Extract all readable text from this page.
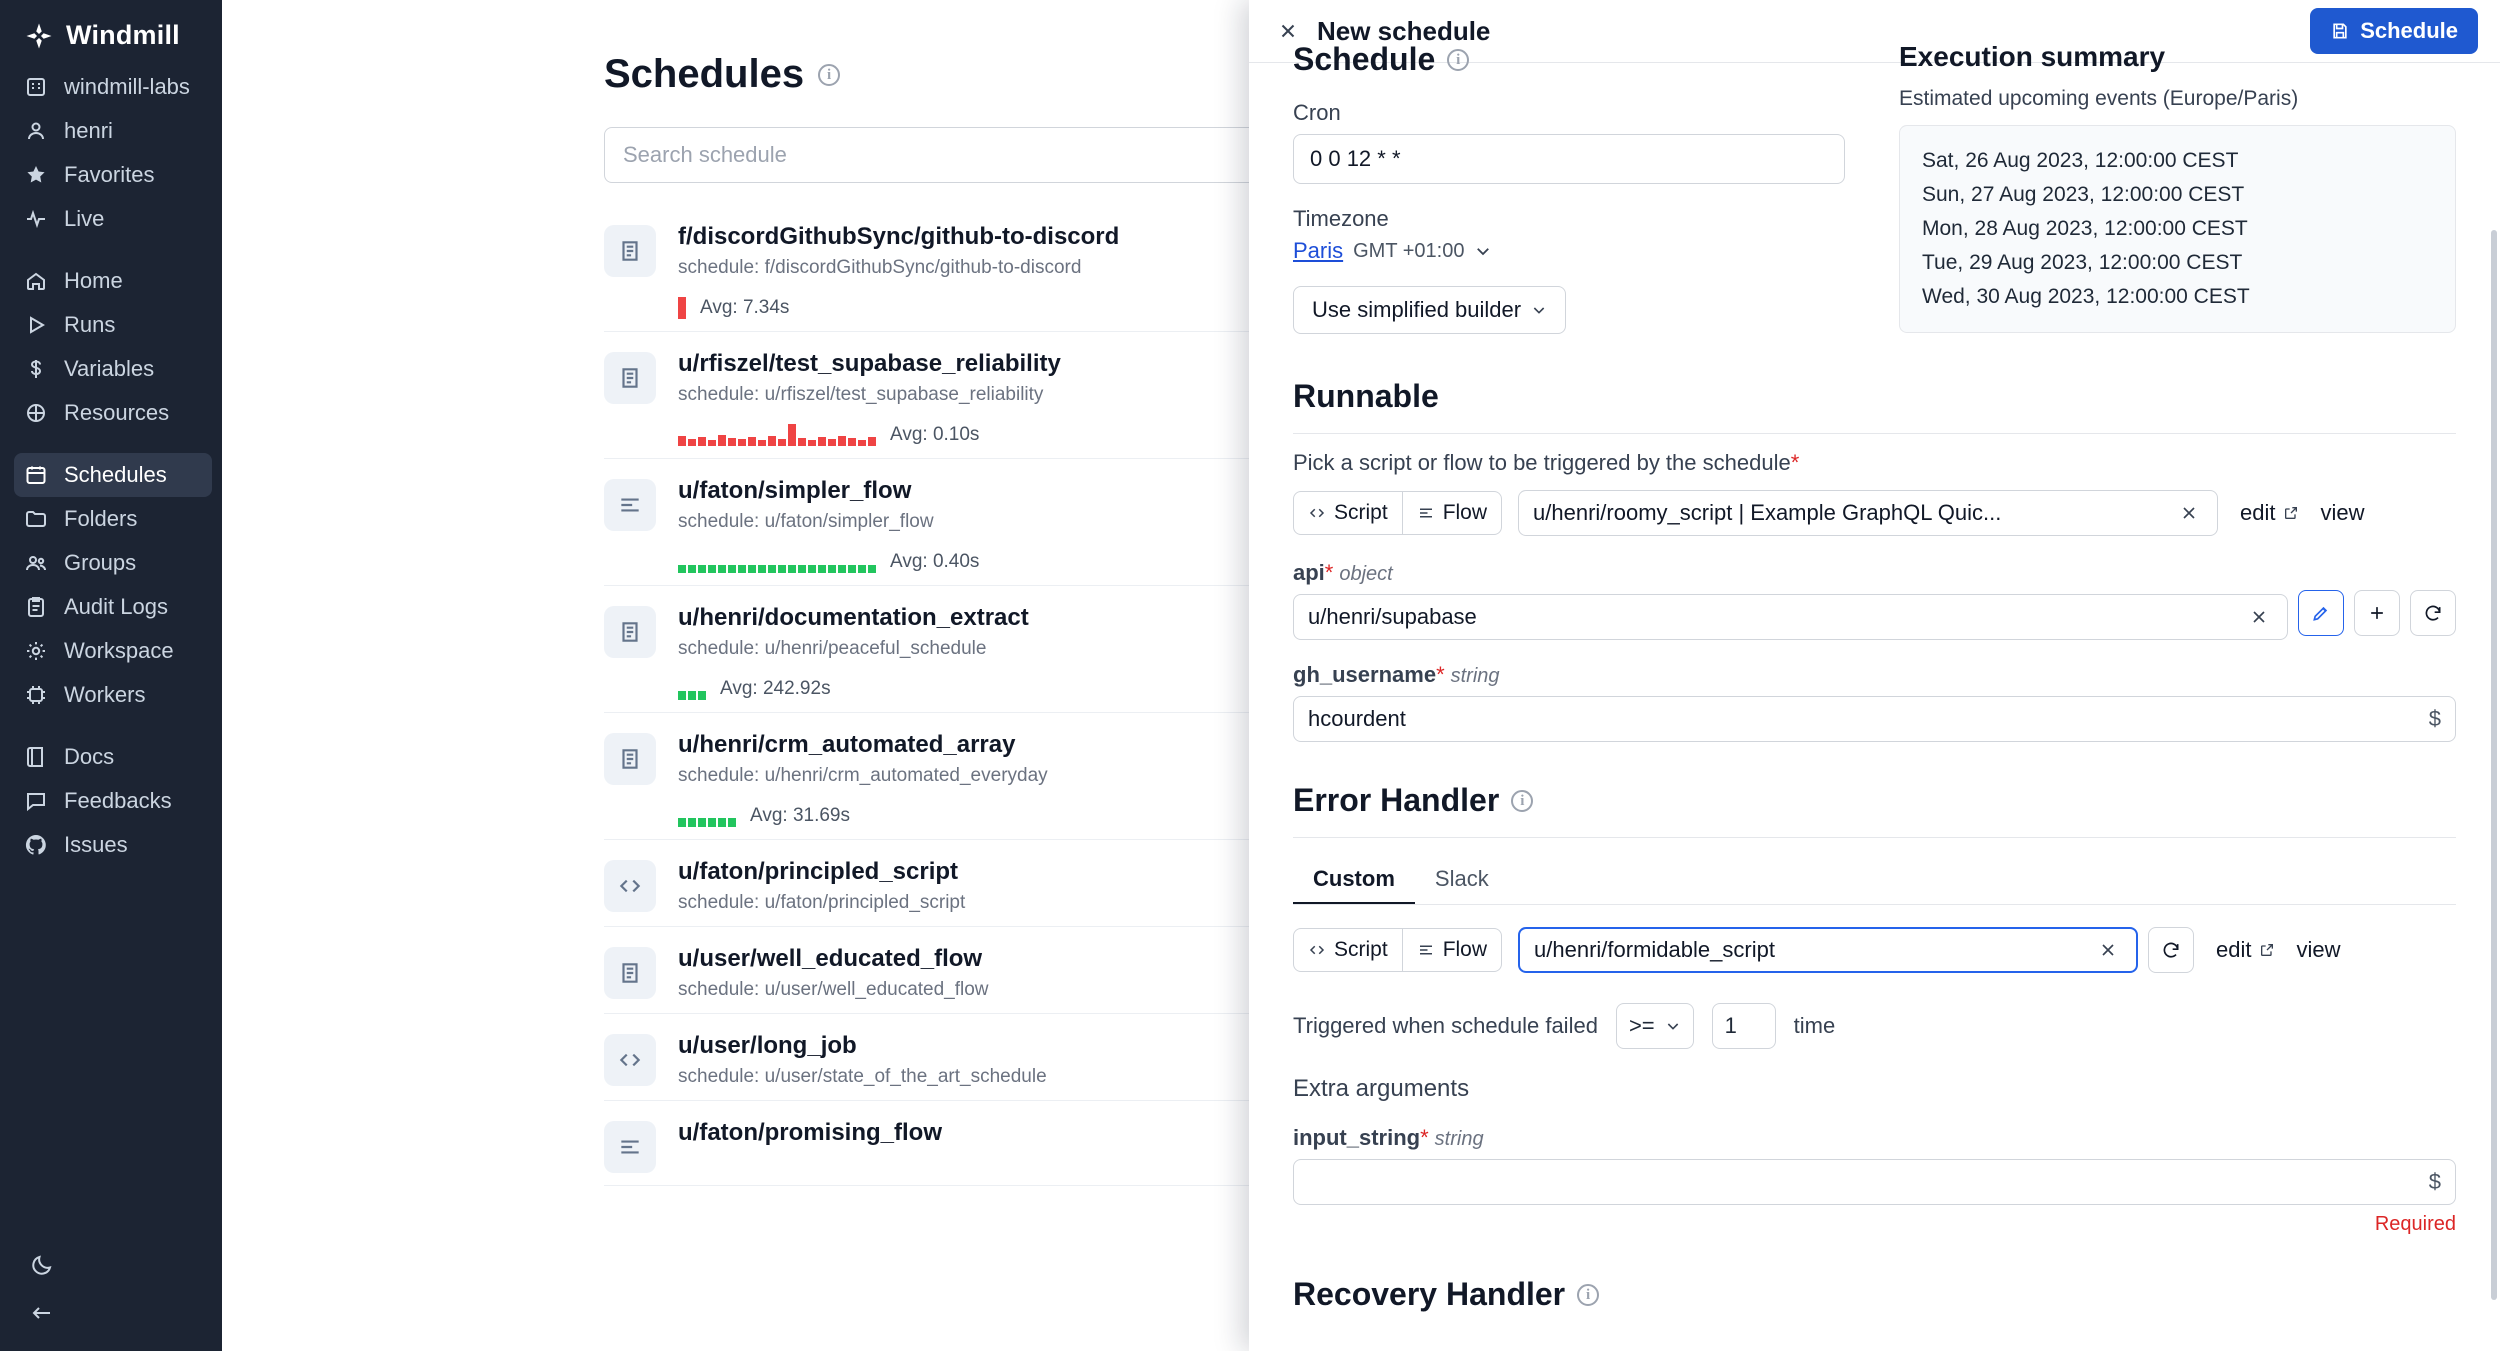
Windmill
windmill-labs
henri
Favorites
Live
Home
Runs
Variables
Resources
Schedules
Folders
Groups
Audit Logs
Workspace
Workers
Docs
Feedbacks
Issues
Schedules	i
Search schedule
f/discordGithubSync/github-to-discord
schedule: f/discordGithubSync/github-to-discord
Avg: 7.34s
u/rfiszel/test_supabase_reliability
schedule: u/rfiszel/test_supabase_reliability
Avg: 0.10s
u/faton/simpler_flow
schedule: u/faton/simpler_flow
Avg: 0.40s
u/henri/documentation_extract
schedule: u/henri/peaceful_schedule
Avg: 242.92s
u/henri/crm_automated_array
schedule: u/henri/crm_automated_everyday
Avg: 31.69s
u/faton/principled_script
schedule: u/faton/principled_script
u/user/well_educated_flow
schedule: u/user/well_educated_flow
u/user/long_job
schedule: u/user/state_of_the_art_schedule
u/faton/promising_flow
New schedule	Schedule
Schedule	i
Cron
0 0 12 * *
Timezone
Paris GMT +01:00
Use simplified builder
Execution summary
Estimated upcoming events (Europe/Paris)
Sat, 26 Aug 2023, 12:00:00 CEST
Sun, 27 Aug 2023, 12:00:00 CEST
Mon, 28 Aug 2023, 12:00:00 CEST
Tue, 29 Aug 2023, 12:00:00 CEST
Wed, 30 Aug 2023, 12:00:00 CEST
Runnable
Pick a script or flow to be triggered by the schedule*
Script	Flow u/henri/roomy_script | Example GraphQL Quic...	edit view
api* object
u/henri/supabase
gh_username* string
hcourdent	$
Error Handler	i
Custom	Slack
Script	Flow u/henri/formidable_script	edit view
Triggered when schedule failed >=	1	time
Extra arguments
input_string* string
$
Required
Recovery Handler	i
